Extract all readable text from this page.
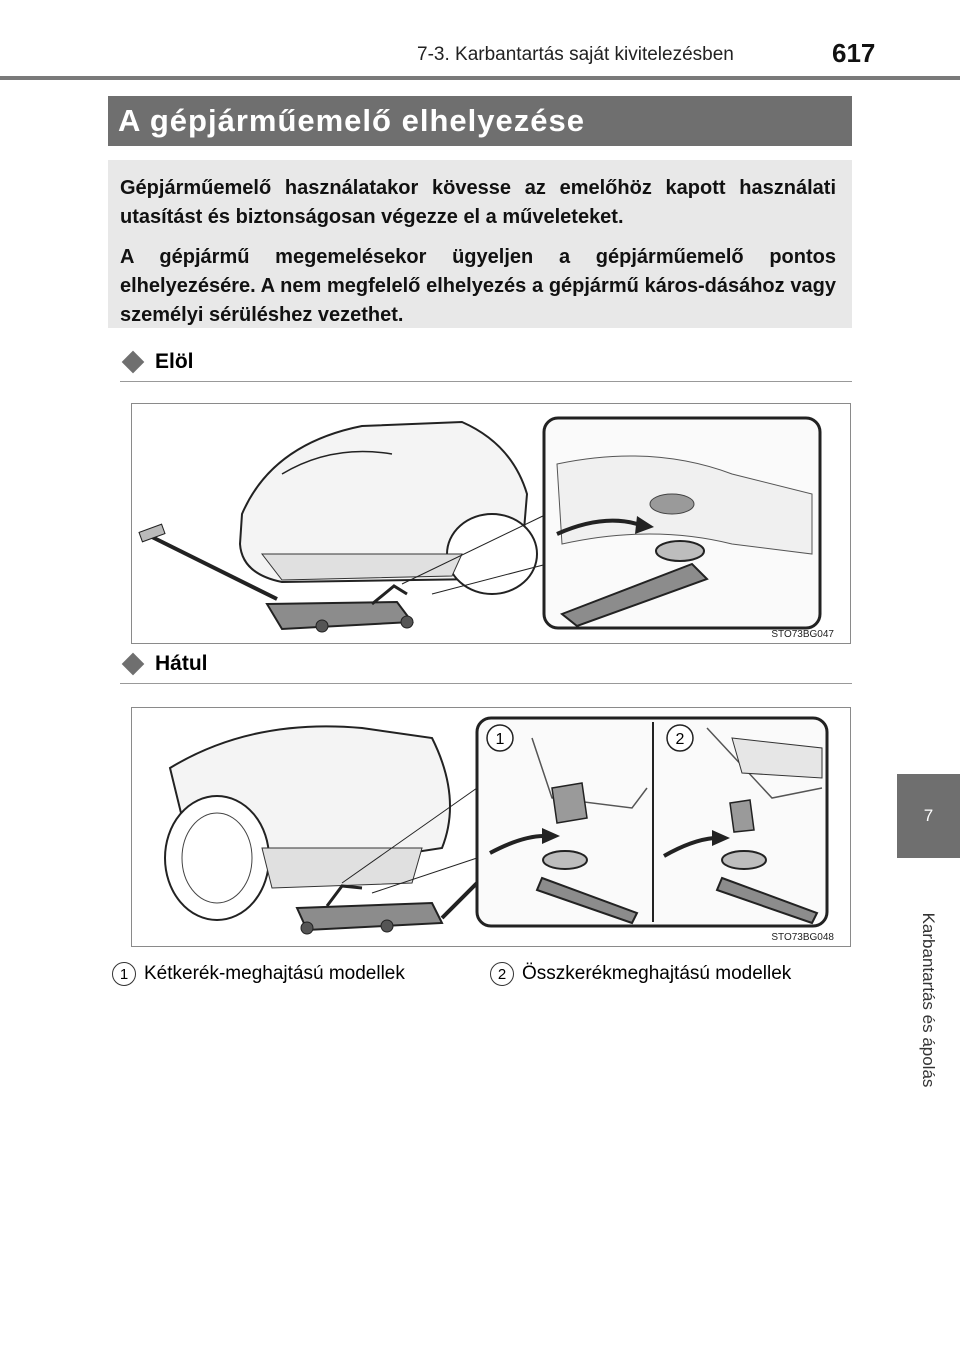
7-3. Karbantartás saját kivitelezésben	617
7
Karbantartás és ápolás
A gépjárműemelő elhelyezése

Gépjárműemelő használatakor kövesse az emelőhöz kapott használati utasítást és biztonságosan végezze el a műveleteket.

A gépjármű megemelésekor ügyeljen a gépjárműemelő pontos elhelyezésére. A nem megfelelő elhelyezés a gépjármű káros-dásához vagy személyi sérüléshez vezethet.

Elöl
STO73BG047
Hátul
1	2
STO73BG048
1 Kétkerék-meghajtású modellek	2 Összkerékmeghajtású modellek
